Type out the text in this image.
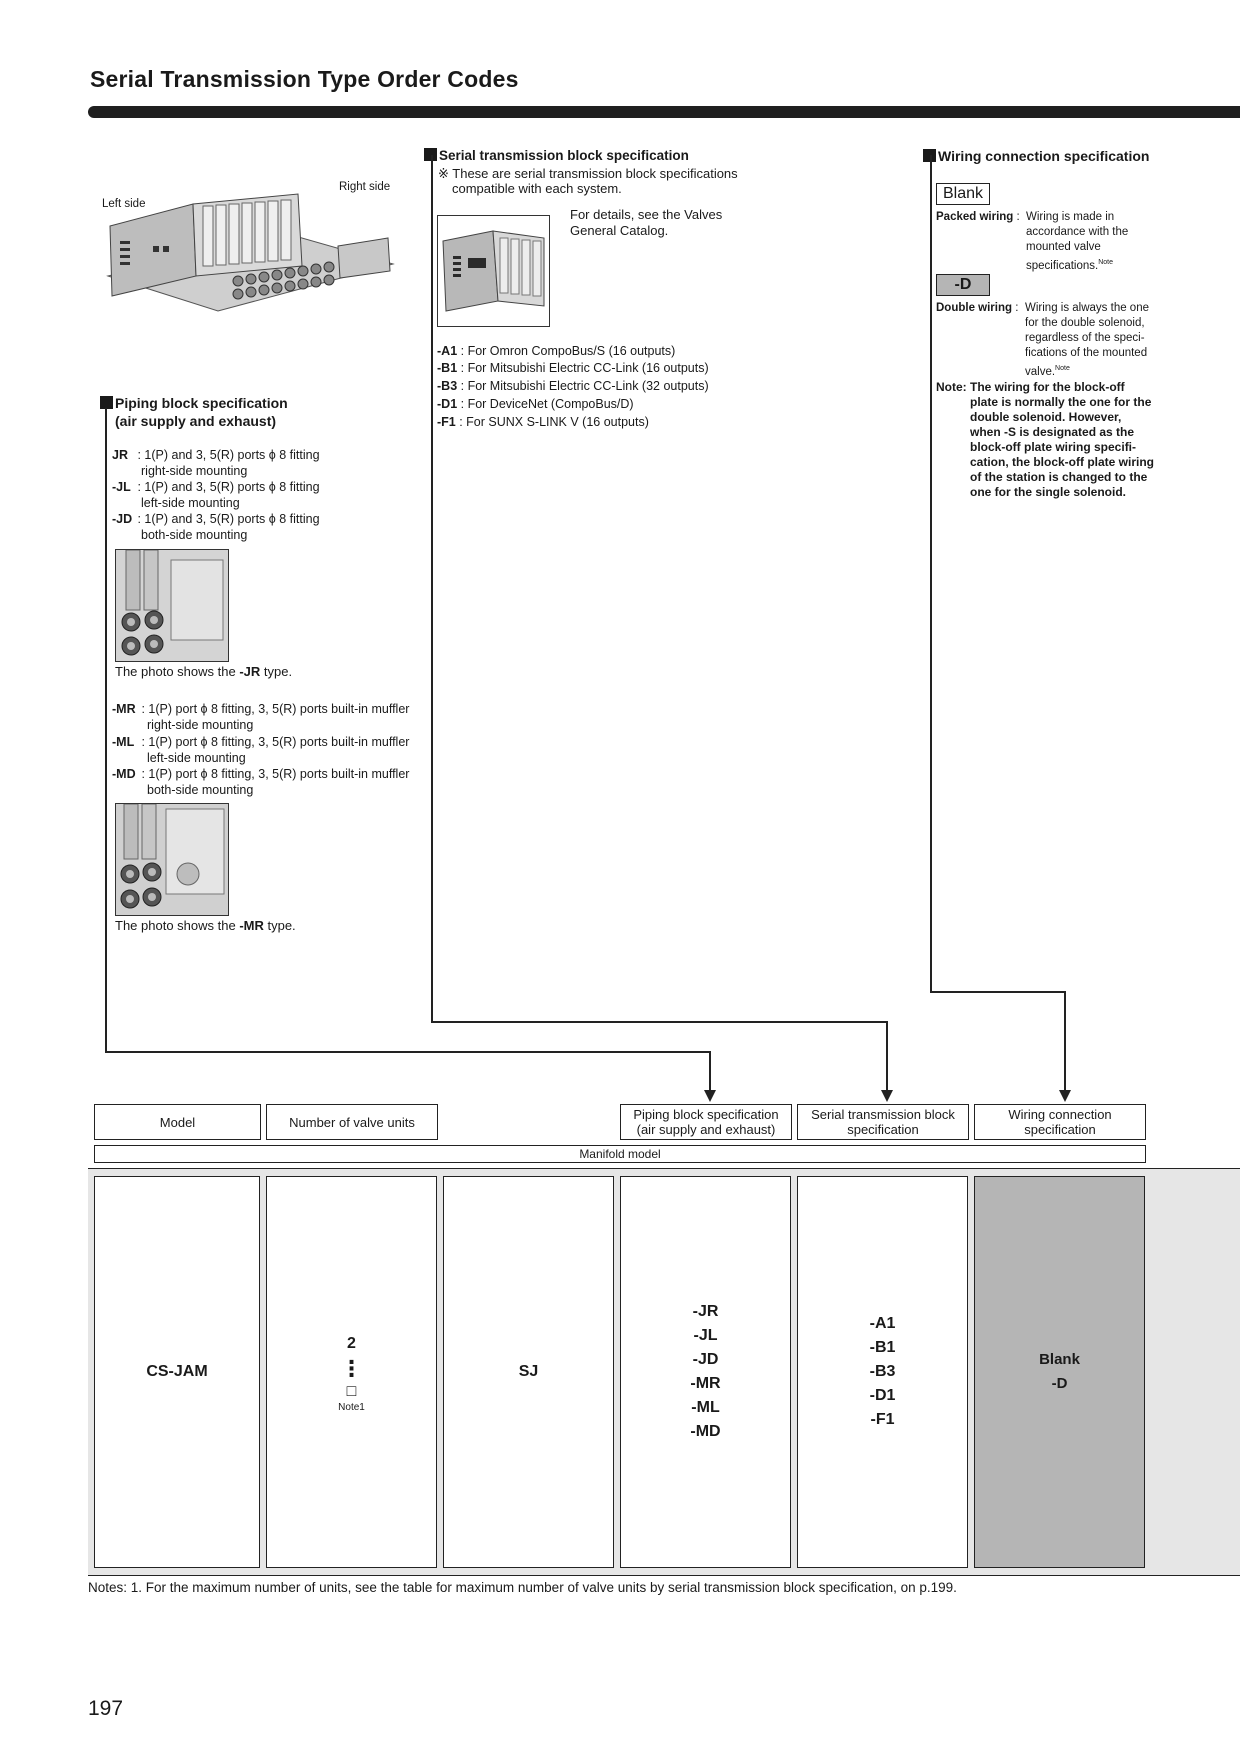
Serial Transmission Type Order Codes
Left side
Right side
Piping block specification
(air supply and exhaust)
JR : 1(P) and 3, 5(R) ports ϕ 8 fitting
right-side mounting
-JL : 1(P) and 3, 5(R) ports ϕ 8 fitting
left-side mounting
-JD : 1(P) and 3, 5(R) ports ϕ 8 fitting
both-side mounting
The photo shows the -JR type.
-MR : 1(P) port ϕ 8 fitting, 3, 5(R) ports built-in muffler
right-side mounting
-ML : 1(P) port ϕ 8 fitting, 3, 5(R) ports built-in muffler
left-side mounting
-MD : 1(P) port ϕ 8 fitting, 3, 5(R) ports built-in muffler
both-side mounting
The photo shows the -MR type.
Serial transmission block specification
※ These are serial transmission block specifications
compatible with each system.
For details, see the Valves
General Catalog.
-A1 : For Omron CompoBus/S (16 outputs)
-B1 : For Mitsubishi Electric CC-Link (16 outputs)
-B3 : For Mitsubishi Electric CC-Link (32 outputs)
-D1 : For DeviceNet (CompoBus/D)
-F1 : For SUNX S-LINK V (16 outputs)
Wiring connection specification
Blank
Packed wiring : Wiring is made in
accordance with the
mounted valve
specifications.$^{Note}$
-D
Double wiring : Wiring is always the one
for the double solenoid,
regardless of the speci-
fications of the mounted
valve.$^{Note}$
Note: The wiring for the block-off
plate is normally the one for the
double solenoid. However,
when -S is designated as the
block-off plate wiring specifi-
cation, the block-off plate wiring
of the station is changed to the
one for the single solenoid.
Model	Number of valve units	Piping block specification
(air supply and exhaust)
Serial transmission block
specification
Wiring connection
specification
Manifold model
CS-JAM
2
⋮
□
Note1
SJ
-JR
-JL
-JD
-MR
-ML
-MD
-A1
-B1
-B3
-D1
-F1
Blank
-D
Notes: 1. For the maximum number of units, see the table for maximum number of valve units by serial transmission block specification, on p.199.
197
